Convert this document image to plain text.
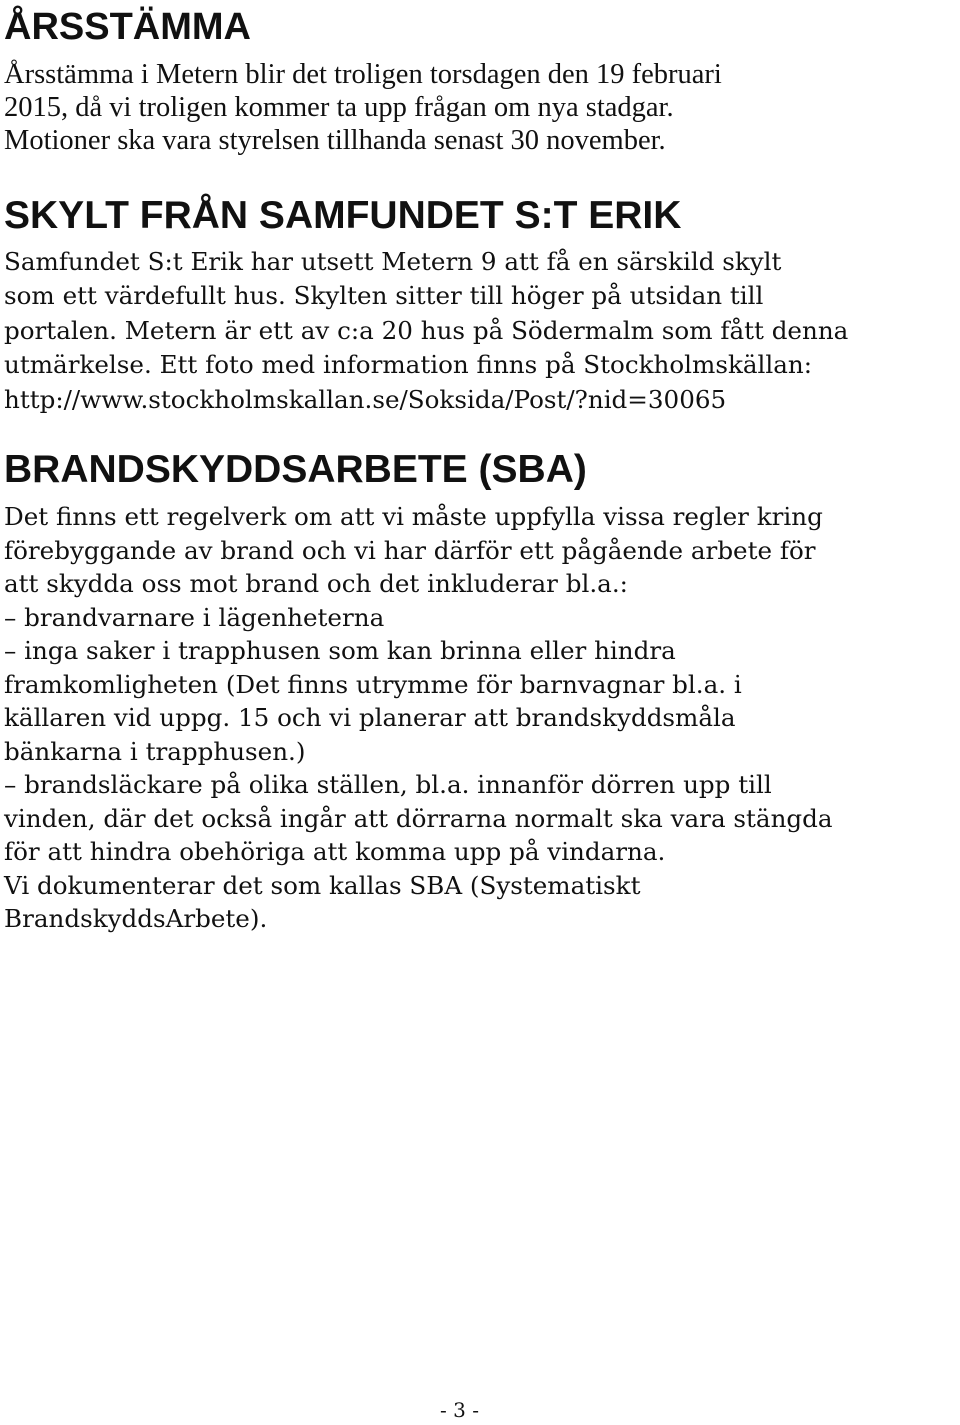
ÅRSSTÄMMA
Årsstämma i Metern blir det troligen torsdagen den 19 februari
2015, då vi troligen kommer ta upp frågan om nya stadgar.
Motioner ska vara styrelsen tillhanda senast 30 november.
SKYLT FRÅN SAMFUNDET S:T ERIK
Samfundet S:t Erik har utsett Metern 9 att få en särskild skylt
som ett värdefullt hus. Skylten sitter till höger på utsidan till
portalen. Metern är ett av c:a 20 hus på Södermalm som fått denna
utmärkelse. Ett foto med information finns på Stockholmskällan:
http://www.stockholmskallan.se/Soksida/Post/?nid=30065
BRANDSKYDDSARBETE (SBA)
Det finns ett regelverk om att vi måste uppfylla vissa regler kring
förebyggande av brand och vi har därför ett pågående arbete för
att skydda oss mot brand och det inkluderar bl.a.:
– brandvarnare i lägenheterna
– inga saker i trapphusen som kan brinna eller hindra
framkomligheten (Det finns utrymme för barnvagnar bl.a. i
källaren vid uppg. 15 och vi planerar att brandskyddsmåla
bänkarna i trapphusen.)
– brandsläckare på olika ställen, bl.a. innanför dörren upp till
vinden, där det också ingår att dörrarna normalt ska vara stängda
för att hindra obehöriga att komma upp på vindarna.
Vi dokumenterar det som kallas SBA (Systematiskt
BrandskyddsArbete).

- 3 -
